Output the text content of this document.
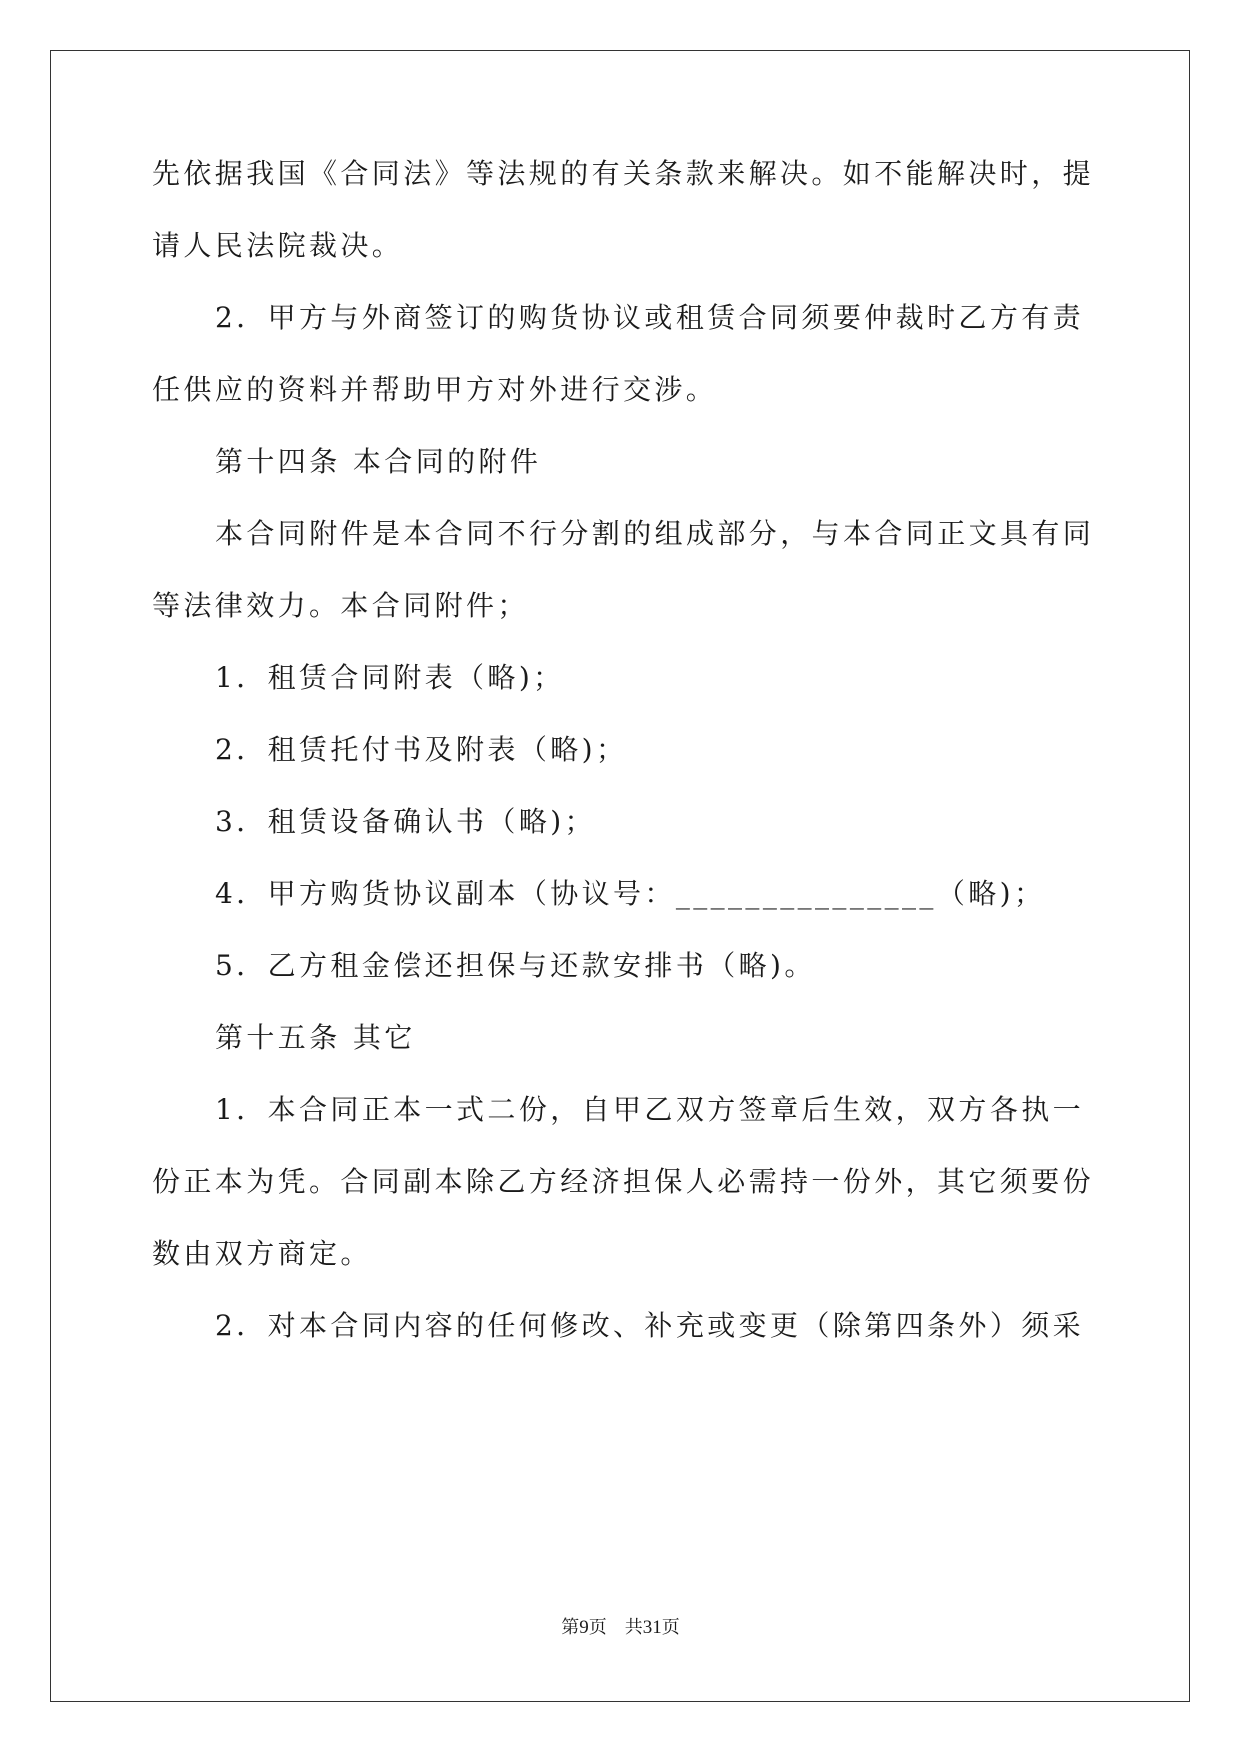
先依据我国《合同法》等法规的有关条款来解决。如不能解决时，提
请人民法院裁决。
2．甲方与外商签订的购货协议或租赁合同须要仲裁时乙方有责
任供应的资料并帮助甲方对外进行交涉。
第十四条 本合同的附件
本合同附件是本合同不行分割的组成部分，与本合同正文具有同
等法律效力。本合同附件；
1．租赁合同附表（略)；
2．租赁托付书及附表（略)；
3．租赁设备确认书（略)；
4．甲方购货协议副本（协议号：_______________（略)；
5．乙方租金偿还担保与还款安排书（略)。
第十五条 其它
1．本合同正本一式二份，自甲乙双方签章后生效，双方各执一
份正本为凭。合同副本除乙方经济担保人必需持一份外，其它须要份
数由双方商定。
2．对本合同内容的任何修改、补充或变更（除第四条外）须采
第9页　共31页
